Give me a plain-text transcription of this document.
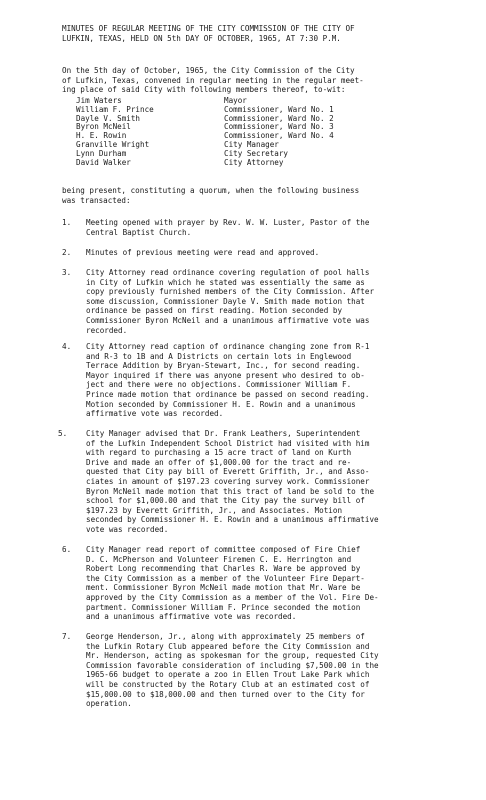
MINUTES OF REGULAR MEETING OF THE CITY COMMISSION OF THE CITY OF
LUFKIN, TEXAS, HELD ON 5th DAY OF OCTOBER, 1965, AT 7:30 P.M.
On the 5th day of October, 1965, the City Commission of the City
of Lufkin, Texas, convened in regular meeting in the regular meet-
ing place of said City with following members thereof, to-wit:
Jim Waters	Mayor
William F. Prince	Commissioner, Ward No. 1
Dayle V. Smith	Commissioner, Ward No. 2
Byron McNeil	Commissioner, Ward No. 3
H. E. Rowin	Commissioner, Ward No. 4
Granville Wright	City Manager
Lynn Durham	City Secretary
David Walker	City Attorney
being present, constituting a quorum, when the following business
was transacted:
1. Meeting opened with prayer by Rev. W. W. Luster, Pastor of the
Central Baptist Church.
2. Minutes of previous meeting were read and approved.
3. City Attorney read ordinance covering regulation of pool halls
in City of Lufkin which he stated was essentially the same as
copy previously furnished members of the City Commission. After
some discussion, Commissioner Dayle V. Smith made motion that
ordinance be passed on first reading. Motion seconded by
Commissioner Byron McNeil and a unanimous affirmative vote was
recorded.
4. City Attorney read caption of ordinance changing zone from R-1
and R-3 to 1B and A Districts on certain lots in Englewood
Terrace Addition by Bryan-Stewart, Inc., for second reading.
Mayor inquired if there was anyone present who desired to ob-
ject and there were no objections. Commissioner William F.
Prince made motion that ordinance be passed on second reading.
Motion seconded by Commissioner H. E. Rowin and a unanimous
affirmative vote was recorded.
5. City Manager advised that Dr. Frank Leathers, Superintendent
of the Lufkin Independent School District had visited with him
with regard to purchasing a 15 acre tract of land on Kurth
Drive and made an offer of $1,000.00 for the tract and re-
quested that City pay bill of Everett Griffith, Jr., and Asso-
ciates in amount of $197.23 covering survey work. Commissioner
Byron McNeil made motion that this tract of land be sold to the
school for $1,000.00 and that the City pay the survey bill of
$197.23 by Everett Griffith, Jr., and Associates. Motion
seconded by Commissioner H. E. Rowin and a unanimous affirmative
vote was recorded.
6. City Manager read report of committee composed of Fire Chief
D. C. McPherson and Volunteer Firemen C. E. Herrington and
Robert Long recommending that Charles R. Ware be approved by
the City Commission as a member of the Volunteer Fire Depart-
ment. Commissioner Byron McNeil made motion that Mr. Ware be
approved by the City Commission as a member of the Vol. Fire De-
partment. Commissioner William F. Prince seconded the motion
and a unanimous affirmative vote was recorded.
7. George Henderson, Jr., along with approximately 25 members of
the Lufkin Rotary Club appeared before the City Commission and
Mr. Henderson, acting as spokesman for the group, requested City
Commission favorable consideration of including $7,500.00 in the
1965-66 budget to operate a zoo in Ellen Trout Lake Park which
will be constructed by the Rotary Club at an estimated cost of
$15,000.00 to $18,000.00 and then turned over to the City for
operation.
